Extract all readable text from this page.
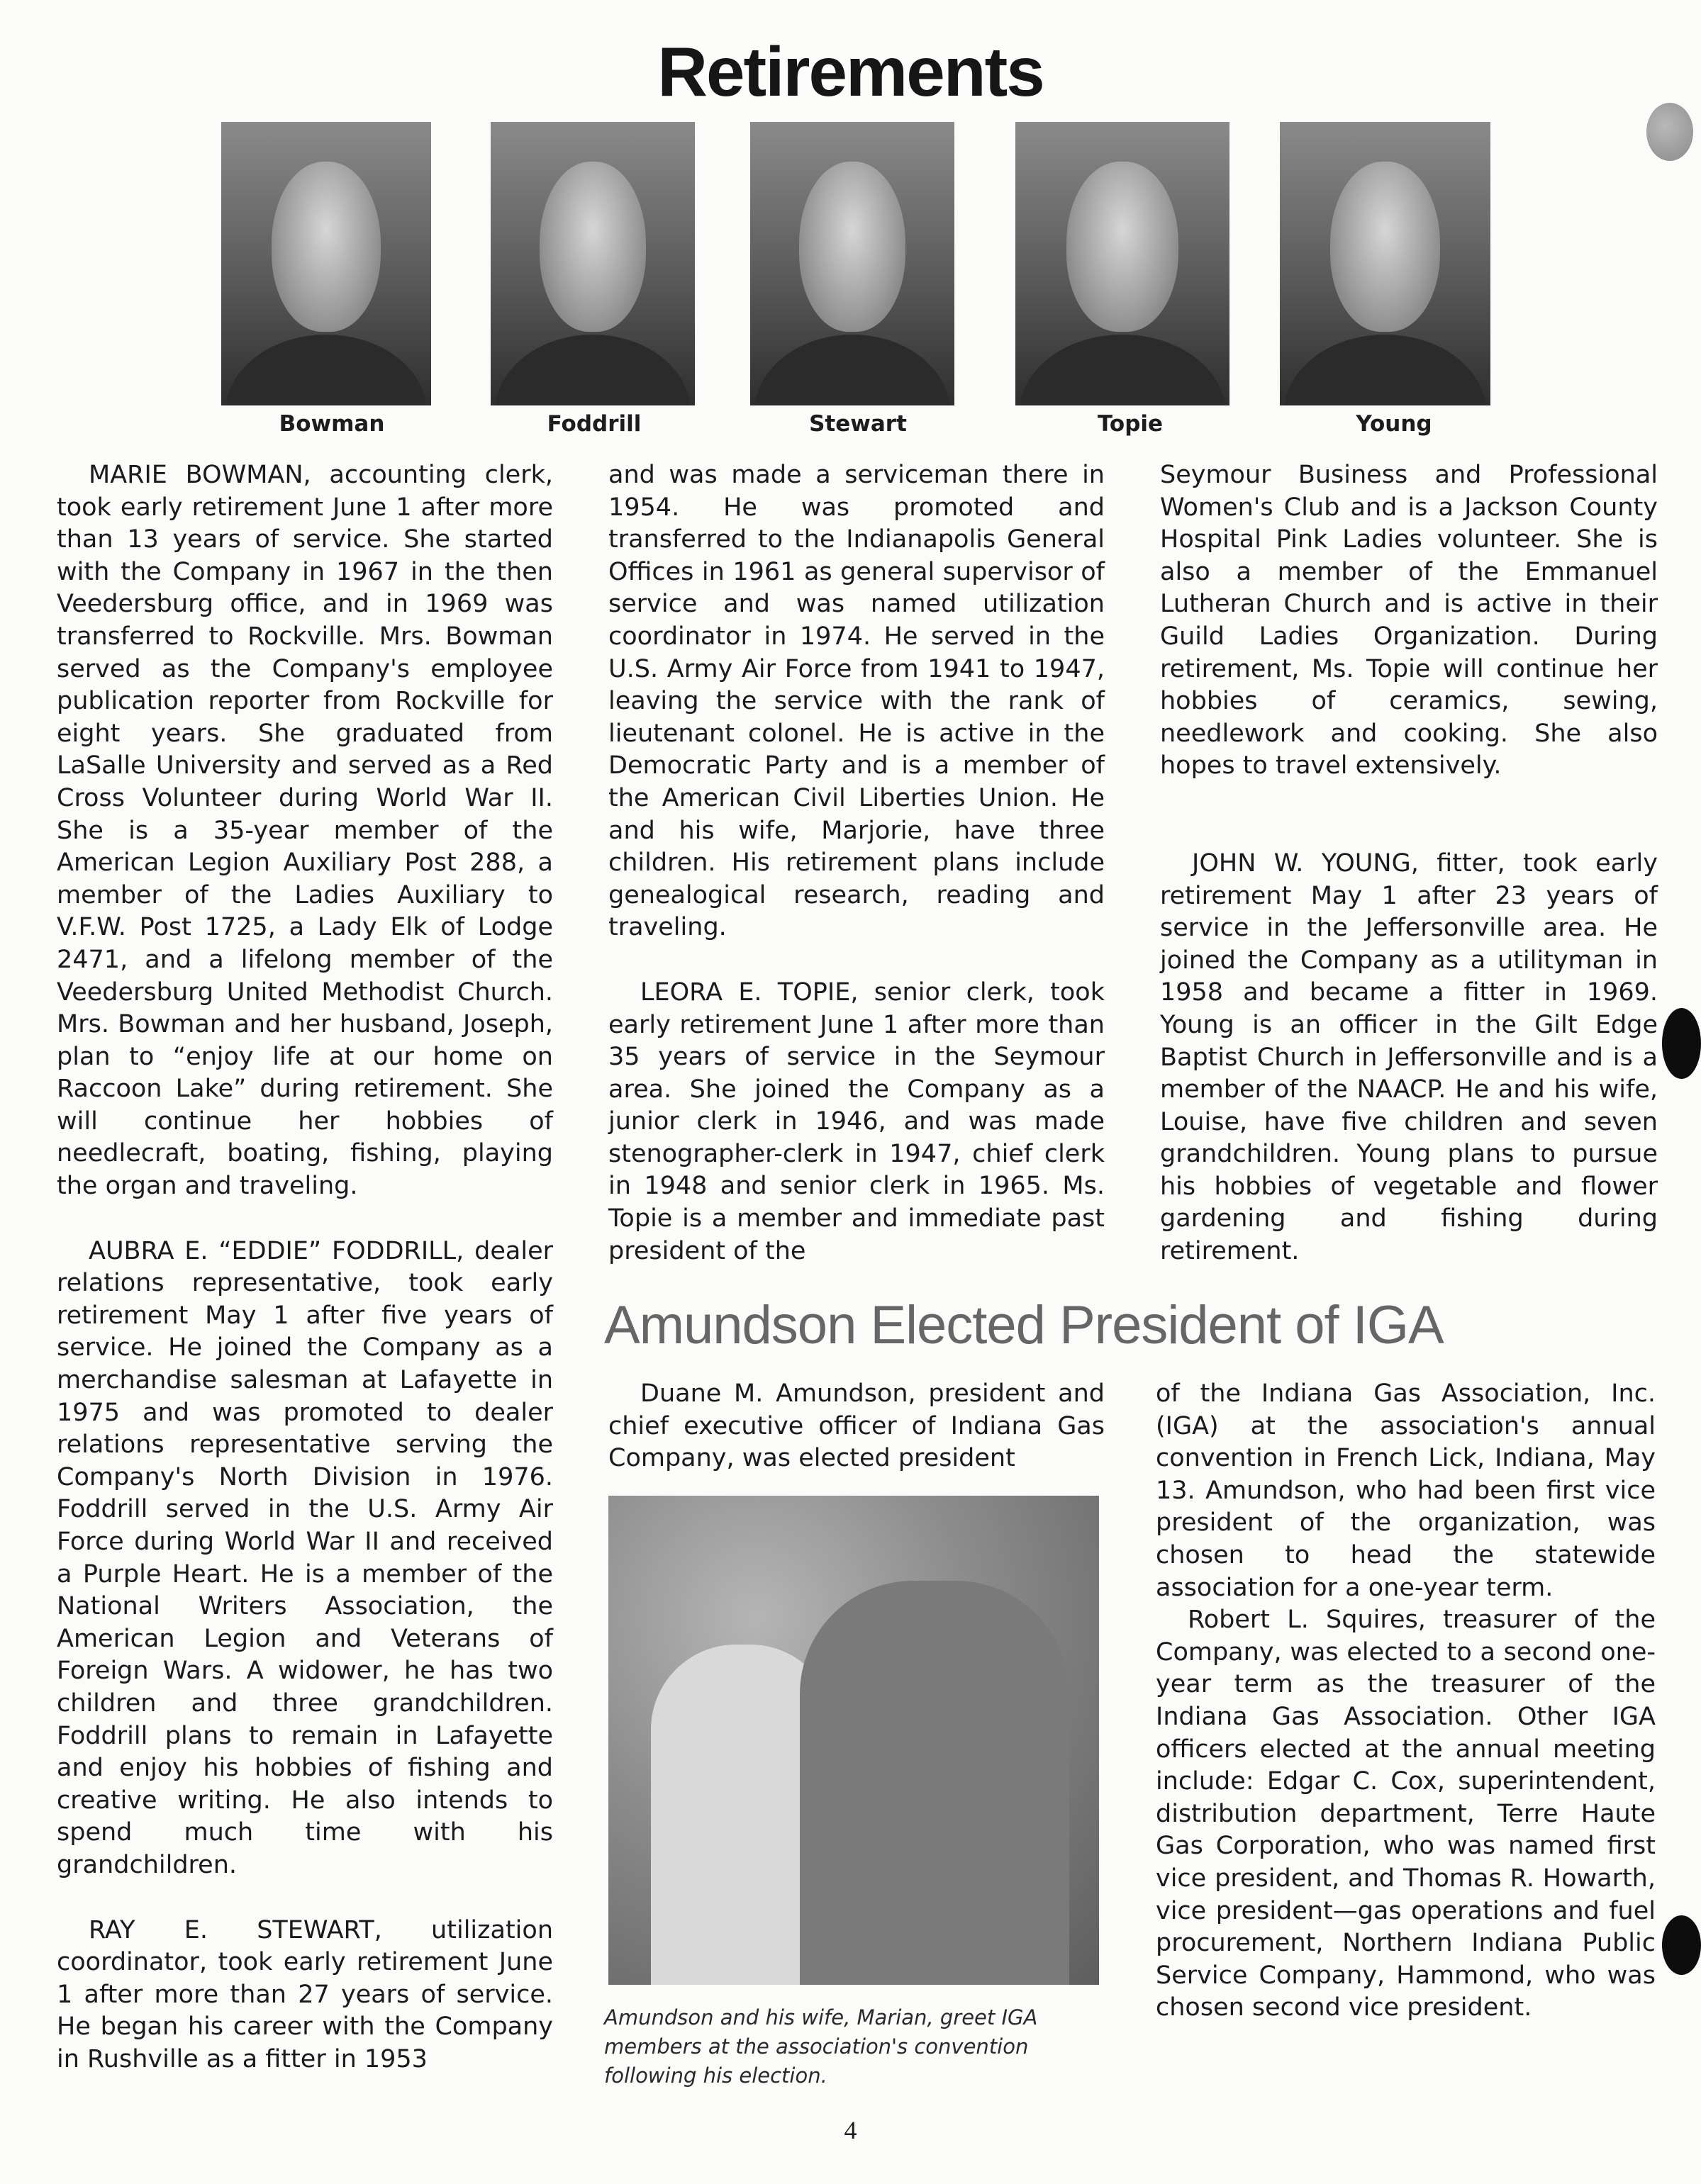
Retirements
Bowman	Foddrill	Stewart	Topie	Young

MARIE BOWMAN, accounting clerk, took early retirement June 1 after more than 13 years of service. She started with the Company in 1967 in the then Veedersburg office, and in 1969 was transferred to Rockville. Mrs. Bowman served as the Company's employee publication reporter from Rockville for eight years. She graduated from LaSalle University and served as a Red Cross Volunteer during World War II. She is a 35-year member of the American Legion Auxiliary Post 288, a member of the Ladies Auxiliary to V.F.W. Post 1725, a Lady Elk of Lodge 2471, and a lifelong member of the Veedersburg United Methodist Church. Mrs. Bowman and her husband, Joseph, plan to “enjoy life at our home on Raccoon Lake” during retirement. She will continue her hobbies of needlecraft, boating, fishing, playing the organ and traveling.

AUBRA E. “EDDIE” FODDRILL, dealer relations representative, took early retirement May 1 after five years of service. He joined the Company as a merchandise salesman at Lafayette in 1975 and was promoted to dealer relations representative serving the Company's North Division in 1976. Foddrill served in the U.S. Army Air Force during World War II and received a Purple Heart. He is a member of the National Writers Association, the American Legion and Veterans of Foreign Wars. A widower, he has two children and three grandchildren. Foddrill plans to remain in Lafayette and enjoy his hobbies of fishing and creative writing. He also intends to spend much time with his grandchildren.

RAY E. STEWART, utilization coordinator, took early retirement June 1 after more than 27 years of service. He began his career with the Company in Rushville as a fitter in 1953

and was made a serviceman there in 1954. He was promoted and transferred to the Indianapolis General Offices in 1961 as general supervisor of service and was named utilization coordinator in 1974. He served in the U.S. Army Air Force from 1941 to 1947, leaving the service with the rank of lieutenant colonel. He is active in the Democratic Party and is a member of the American Civil Liberties Union. He and his wife, Marjorie, have three children. His retirement plans include genealogical research, reading and traveling.

LEORA E. TOPIE, senior clerk, took early retirement June 1 after more than 35 years of service in the Seymour area. She joined the Company as a junior clerk in 1946, and was made stenographer-clerk in 1947, chief clerk in 1948 and senior clerk in 1965. Ms. Topie is a member and immediate past president of the

Seymour Business and Professional Women's Club and is a Jackson County Hospital Pink Ladies volunteer. She is also a member of the Emmanuel Lutheran Church and is active in their Guild Ladies Organization. During retirement, Ms. Topie will continue her hobbies of ceramics, sewing, needlework and cooking. She also hopes to travel extensively.

JOHN W. YOUNG, fitter, took early retirement May 1 after 23 years of service in the Jeffersonville area. He joined the Company as a utilityman in 1958 and became a fitter in 1969. Young is an officer in the Gilt Edge Baptist Church in Jeffersonville and is a member of the NAACP. He and his wife, Louise, have five children and seven grandchildren. Young plans to pursue his hobbies of vegetable and flower gardening and fishing during retirement.

Amundson Elected President of IGA

Duane M. Amundson, president and chief executive officer of Indiana Gas Company, was elected president

Amundson and his wife, Marian, greet IGA members at the association's convention following his election.

of the Indiana Gas Association, Inc. (IGA) at the association's annual convention in French Lick, Indiana, May 13. Amundson, who had been first vice president of the organization, was chosen to head the statewide association for a one-year term.

Robert L. Squires, treasurer of the Company, was elected to a second one-year term as the treasurer of the Indiana Gas Association. Other IGA officers elected at the annual meeting include: Edgar C. Cox, superintendent, distribution department, Terre Haute Gas Corporation, who was named first vice president, and Thomas R. Howarth, vice president—gas operations and fuel procurement, Northern Indiana Public Service Company, Hammond, who was chosen second vice president.

4
